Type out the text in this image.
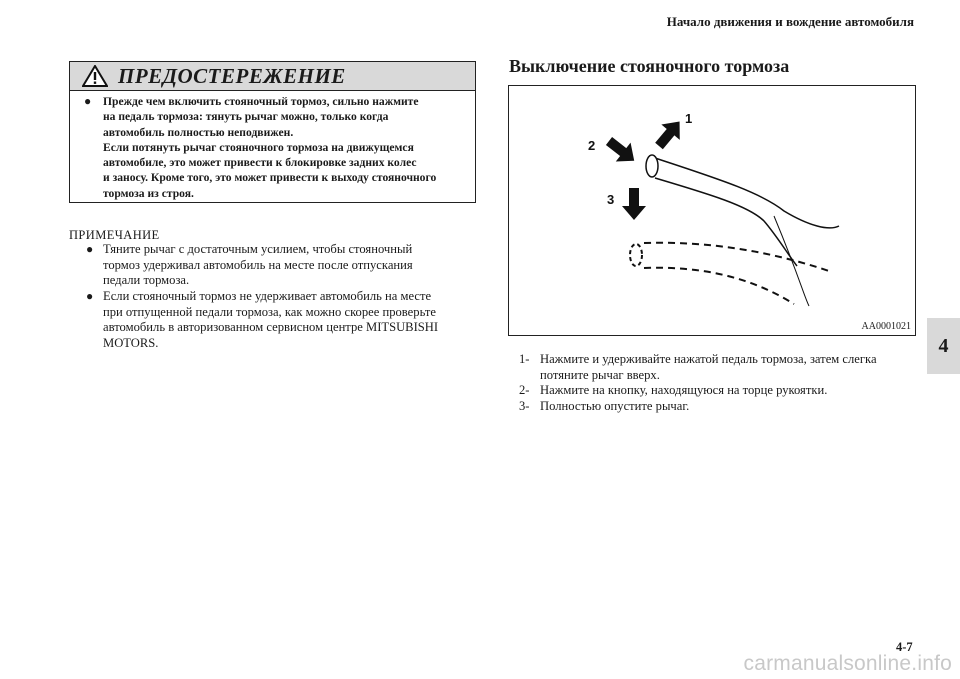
Начало движения и вождение автомобиля
ПРЕДОСТЕРЕЖЕНИЕ
● Прежде чем включить стояночный тормоз, сильно нажмите
на педаль тормоза: тянуть рычаг можно, только когда
автомобиль полностью неподвижен.
Если потянуть рычаг стояночного тормоза на движущемся
автомобиле, это может привести к блокировке задних колес
и заносу. Кроме того, это может привести к выходу стояночного
тормоза из строя.
ПРИМЕЧАНИЕ
● Тяните рычаг с достаточным усилием, чтобы стояночный
тормоз удерживал автомобиль на месте после отпускания
педали тормоза.
● Если стояночный тормоз не удерживает автомобиль на месте
при отпущенной педали тормоза, как можно скорее проверьте
автомобиль в авторизованном сервисном центре MITSUBISHI
MOTORS.
Выключение стояночного тормоза
1
2
3
AA0001021
1- Нажмите и удерживайте нажатой педаль тормоза, затем слегка
потяните рычаг вверх.
2- Нажмите на кнопку, находящуюся на торце рукоятки.
3- Полностью опустите рычаг.
4
4-7
carmanualsonline.info
